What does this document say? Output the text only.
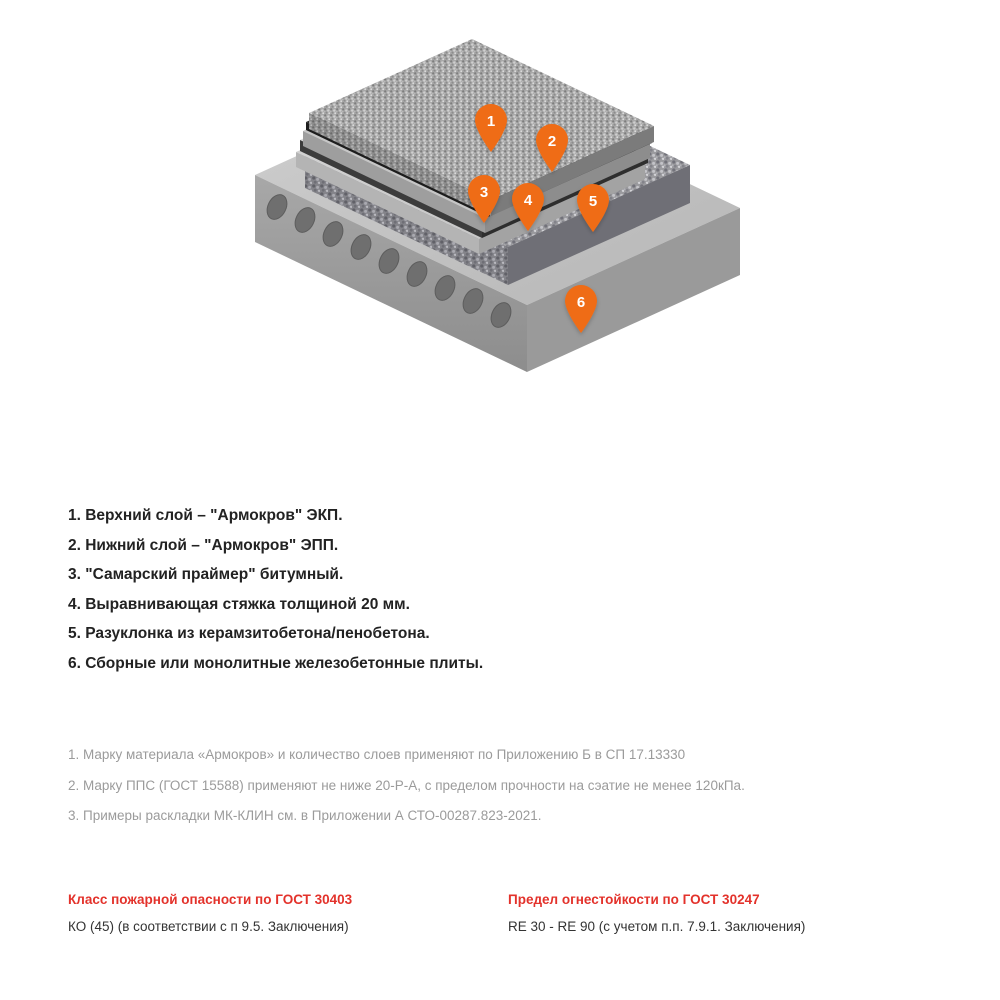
1
2
3 4	5
6
1. Верхний слой – "Армокров" ЭКП.
2. Нижний слой – "Армокров" ЭПП.
3. "Самарский праймер" битумный.
4. Выравнивающая стяжка толщиной 20 мм.
5. Разуклонка из керамзитобетона/пенобетона.
6. Сборные или монолитные железобетонные плиты.
1. Марку материала «Армокров» и количество слоев применяют по Приложению Б в СП 17.13330
2. Марку ППС (ГОСТ 15588) применяют не ниже 20-Р-А, с пределом прочности на сэатие не менее 120кПа.
3. Примеры раскладки МК-КЛИН см. в Приложении А СТО-00287.823-2021.
Класс пожарной опасности по ГОСТ 30403
КО (45) (в соответствии с п 9.5. Заключения)
Предел огнестойкости по ГОСТ 30247
RE 30 - RE 90 (с учетом п.п. 7.9.1. Заключения)
